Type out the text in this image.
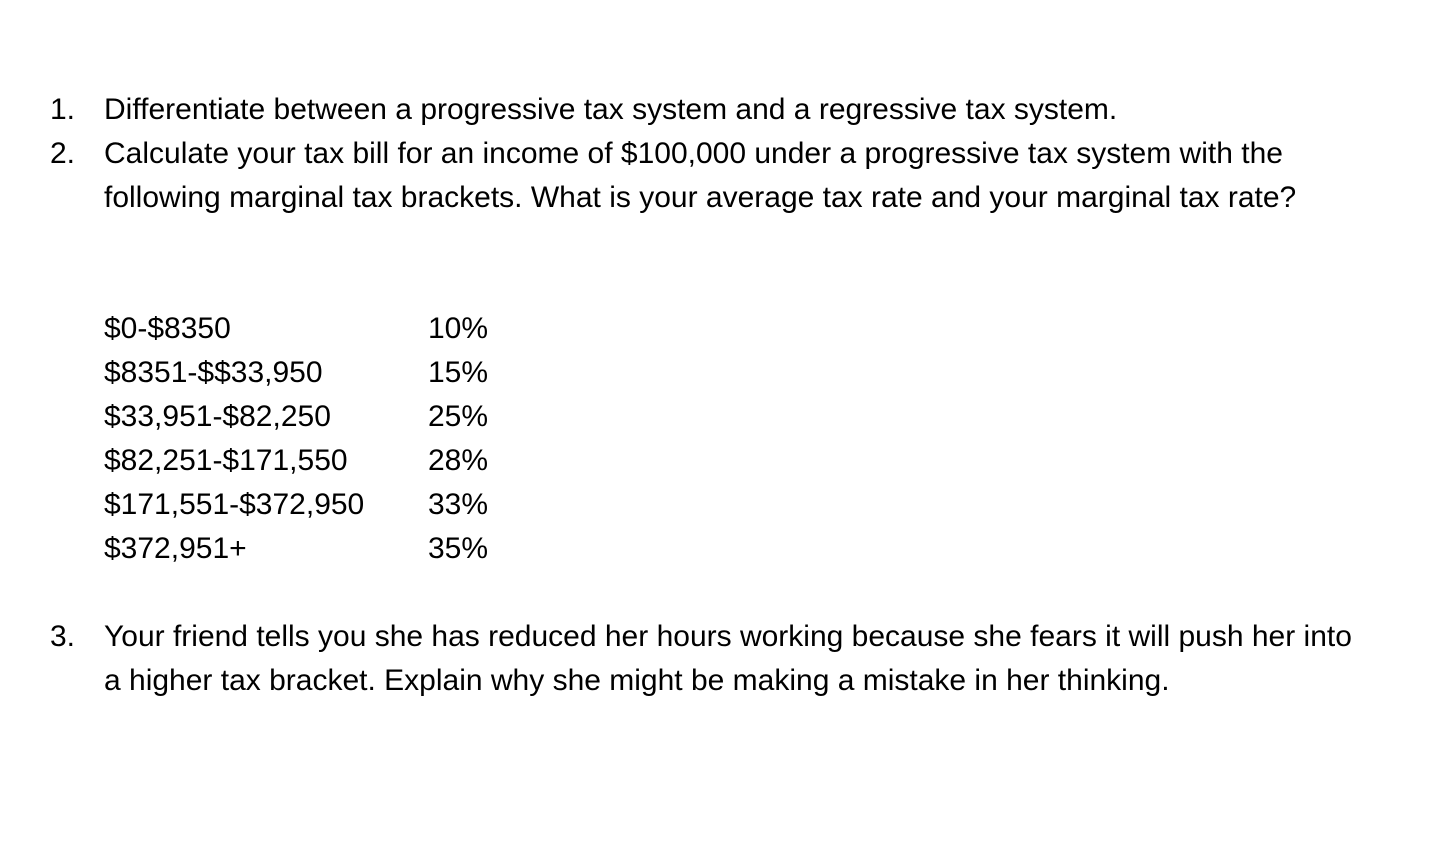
1. Differentiate between a progressive tax system and a regressive tax system.
2. Calculate your tax bill for an income of $100,000 under a progressive tax system with the following marginal tax brackets. What is your average tax rate and your marginal tax rate?
$0-$8350	10%
$8351-$$33,950	15%
$33,951-$82,250	25%
$82,251-$171,550	28%
$171,551-$372,950	33%
$372,951+	35%
3. Your friend tells you she has reduced her hours working because she fears it will push her into a higher tax bracket. Explain why she might be making a mistake in her thinking.
